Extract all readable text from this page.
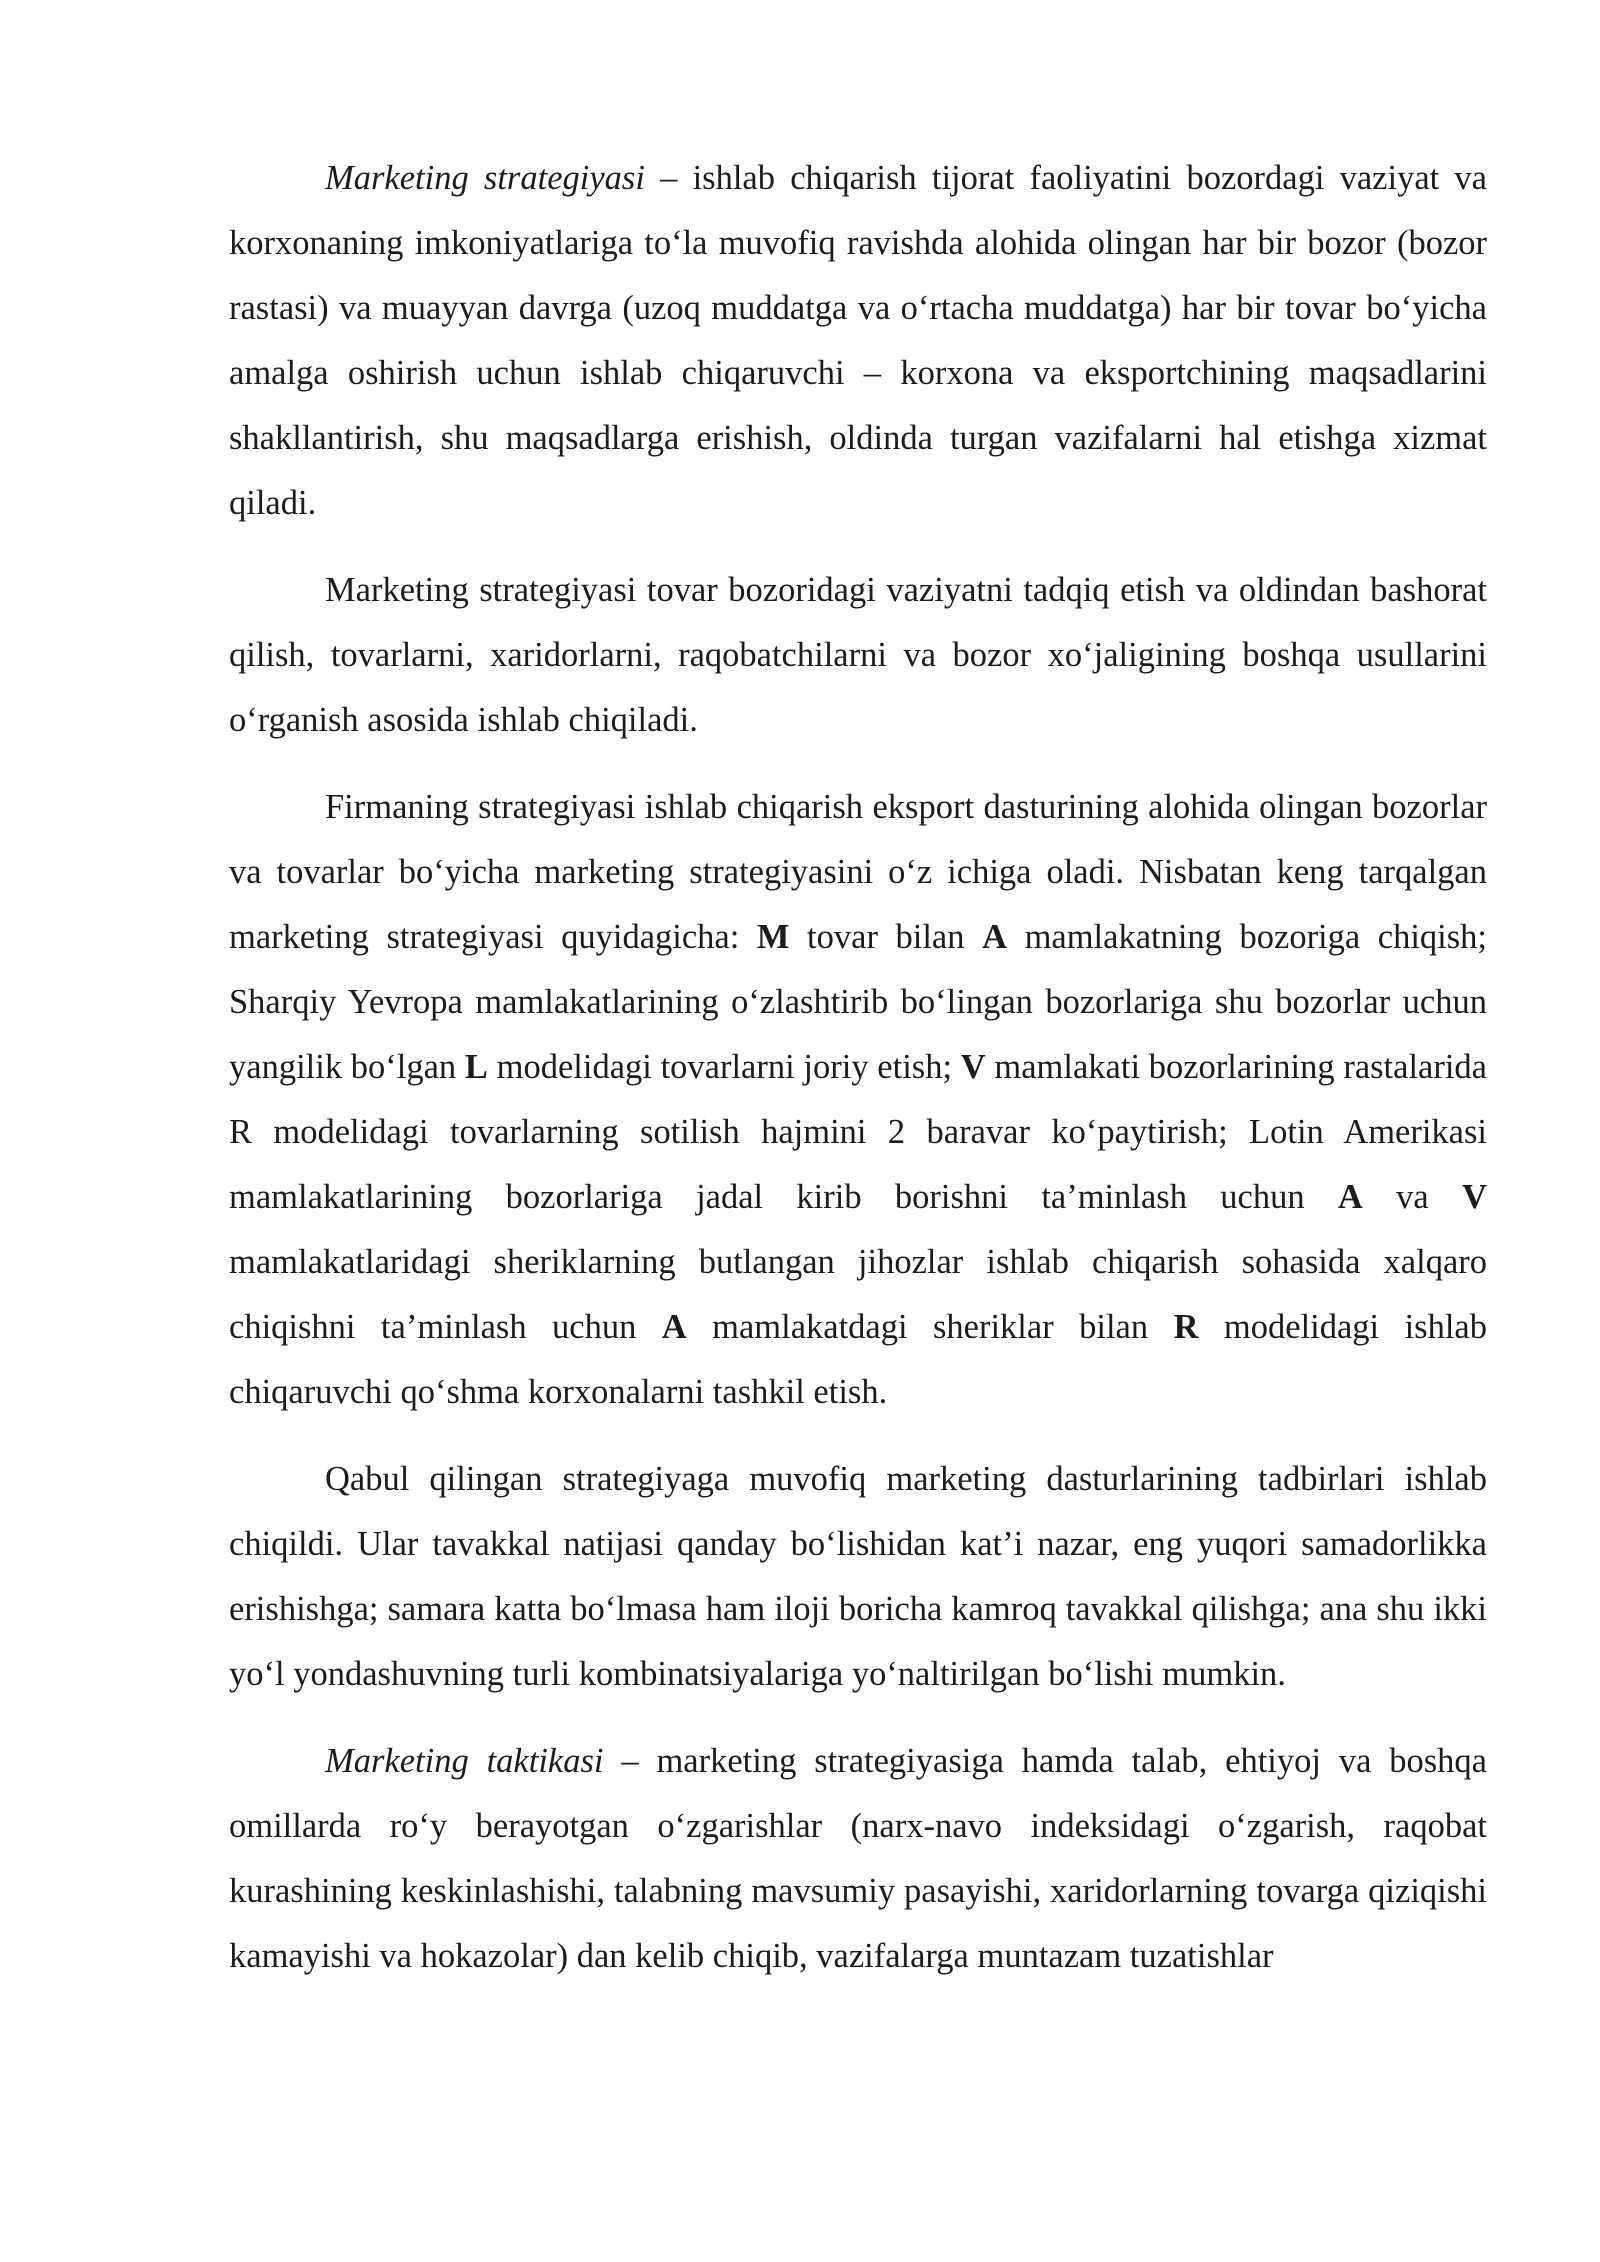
Marketing strategiyasi – ishlab chiqarish tijorat faoliyatini bozordagi vaziyat va korxonaning imkoniyatlariga to‘la muvofiq ravishda alohida olingan har bir bozor (bozor rastasi) va muayyan davrga (uzoq muddatga va o‘rtacha muddatga) har bir tovar bo‘yicha amalga oshirish uchun ishlab chiqaruvchi – korxona va eksportchining maqsadlarini shakllantirish, shu maqsadlarga erishish, oldinda turgan vazifalarni hal etishga xizmat qiladi.

Marketing strategiyasi tovar bozoridagi vaziyatni tadqiq etish va oldindan bashorat qilish, tovarlarni, xaridorlarni, raqobatchilarni va bozor xo‘jaligining boshqa usullarini o‘rganish asosida ishlab chiqiladi.

Firmaning strategiyasi ishlab chiqarish eksport dasturining alohida olingan bozorlar va tovarlar bo‘yicha marketing strategiyasini o‘z ichiga oladi. Nisbatan keng tarqalgan marketing strategiyasi quyidagicha: M tovar bilan A mamlakatning bozoriga chiqish; Sharqiy Yevropa mamlakatlarining o‘zlashtirib bo‘lingan bozorlariga shu bozorlar uchun yangilik bo‘lgan L modelidagi tovarlarni joriy etish; V mamlakati bozorlarining rastalarida R modelidagi tovarlarning sotilish hajmini 2 baravar ko‘paytirish; Lotin Amerikasi mamlakatlarining bozorlariga jadal kirib borishni ta’minlash uchun A va V mamlakatlaridagi sheriklarning butlangan jihozlar ishlab chiqarish sohasida xalqaro chiqishni ta’minlash uchun A mamlakatdagi sheriklar bilan R modelidagi ishlab chiqaruvchi qo‘shma korxonalarni tashkil etish.

Qabul qilingan strategiyaga muvofiq marketing dasturlarining tadbirlari ishlab chiqildi. Ular tavakkal natijasi qanday bo‘lishidan kat’i nazar, eng yuqori samadorlikka erishishga; samara katta bo‘lmasa ham iloji boricha kamroq tavakkal qilishga; ana shu ikki yo‘l yondashuvning turli kombinatsiyalariga yo‘naltirilgan bo‘lishi mumkin.

Marketing taktikasi – marketing strategiyasiga hamda talab, ehtiyoj va boshqa omillarda ro‘y berayotgan o‘zgarishlar (narx-navo indeksidagi o‘zgarish, raqobat kurashining keskinlashishi, talabning mavsumiy pasayishi, xaridorlarning tovarga qiziqishi kamayishi va hokazolar) dan kelib chiqib, vazifalarga muntazam tuzatishlar
